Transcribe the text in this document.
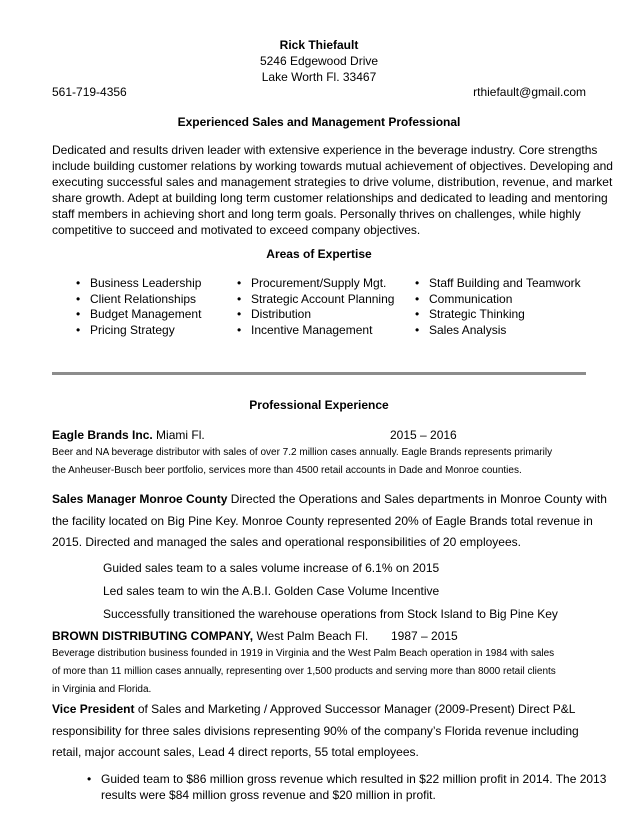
Rick Thiefault
5246 Edgewood Drive
Lake Worth Fl. 33467
561-719-4356	rthiefault@gmail.com
Experienced Sales and Management Professional
Dedicated and results driven leader with extensive experience in the beverage industry. Core strengths
include building customer relations by working towards mutual achievement of objectives. Developing and
executing successful sales and management strategies to drive volume, distribution, revenue, and market
share growth. Adept at building long term customer relationships and dedicated to leading and mentoring
staff members in achieving short and long term goals. Personally thrives on challenges, while highly
competitive to succeed and motivated to exceed company objectives.
Areas of Expertise
• Business Leadership
• Client Relationships
• Budget Management
• Pricing Strategy
• Procurement/Supply Mgt.
• Strategic Account Planning
• Distribution
• Incentive Management
• Staff Building and Teamwork
• Communication
• Strategic Thinking
• Sales Analysis
Professional Experience
Eagle Brands Inc. Miami Fl.	2015 – 2016
Beer and NA beverage distributor with sales of over 7.2 million cases annually. Eagle Brands represents primarily
the Anheuser-Busch beer portfolio, services more than 4500 retail accounts in Dade and Monroe counties.
Sales Manager Monroe County Directed the Operations and Sales departments in Monroe County with
the facility located on Big Pine Key. Monroe County represented 20% of Eagle Brands total revenue in
2015. Directed and managed the sales and operational responsibilities of 20 employees.
Guided sales team to a sales volume increase of 6.1% on 2015
Led sales team to win the A.B.I. Golden Case Volume Incentive
Successfully transitioned the warehouse operations from Stock Island to Big Pine Key
BROWN DISTRIBUTING COMPANY, West Palm Beach Fl. 1987 – 2015
Beverage distribution business founded in 1919 in Virginia and the West Palm Beach operation in 1984 with sales
of more than 11 million cases annually, representing over 1,500 products and serving more than 8000 retail clients
in Virginia and Florida.
Vice President of Sales and Marketing / Approved Successor Manager (2009-Present) Direct P&L
responsibility for three sales divisions representing 90% of the company’s Florida revenue including
retail, major account sales, Lead 4 direct reports, 55 total employees.
• Guided team to $86 million gross revenue which resulted in $22 million profit in 2014. The 2013
results were $84 million gross revenue and $20 million in profit.
